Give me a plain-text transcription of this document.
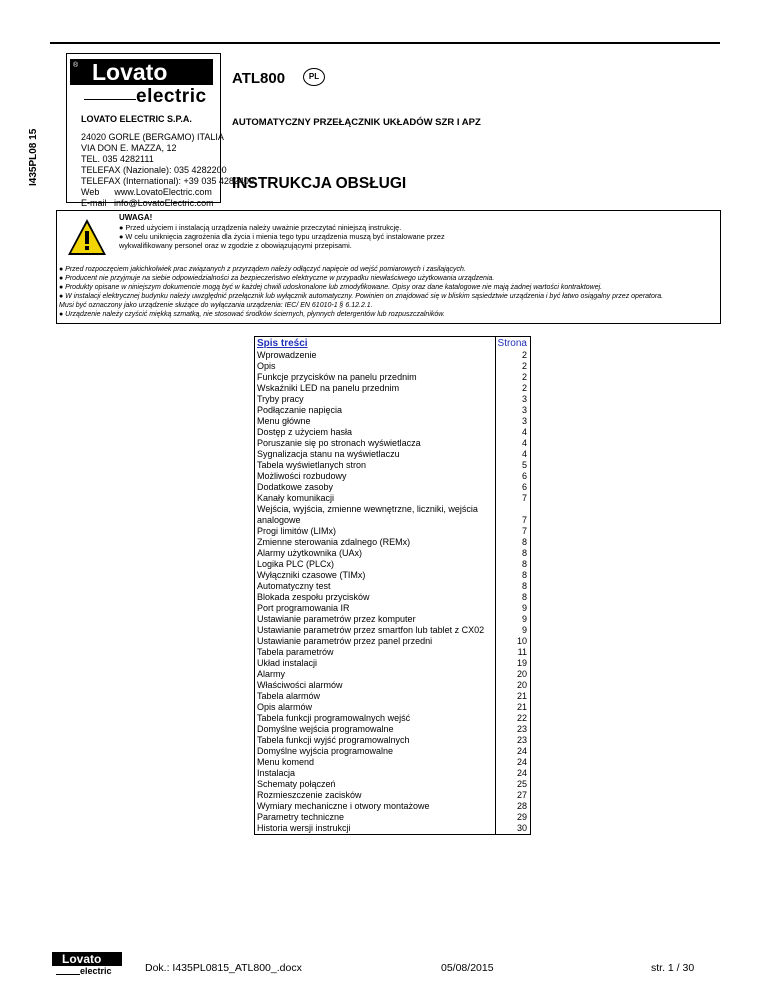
I435PL08 15
Lovato
®
electric
LOVATO ELECTRIC S.P.A.
24020 GORLE (BERGAMO) ITALIA
VIA DON E. MAZZA, 12
TEL. 035 4282111
TELEFAX (Nazionale): 035 4282200
TELEFAX (International): +39 035 4282400
Web      www.LovatoElectric.com
E-mail   info@LovatoElectric.com
ATL800	PL
AUTOMATYCZNY PRZEŁĄCZNIK UKŁADÓW SZR I APZ
INSTRUKCJA OBSŁUGI
UWAGA!
● Przed użyciem i instalacją urządzenia należy uważnie przeczytać niniejszą instrukcję.
● W celu uniknięcia zagrożenia dla życia i mienia tego typu urządzenia muszą być instalowane przez
wykwalifikowany personel oraz w zgodzie z obowiązującymi przepisami.
● Przed rozpoczęciem jakichkolwiek prac związanych z przyrządem należy odłączyć napięcie od wejść pomiarowych i zasilających.
● Producent nie przyjmuje na siebie odpowiedzialności za bezpieczeństwo elektryczne w przypadku niewłaściwego użytkowania urządzenia.
● Produkty opisane w niniejszym dokumencie mogą być w każdej chwili udoskonalone lub zmodyfikowane. Opisy oraz dane katalogowe nie mają żadnej wartości kontraktowej.
● W instalacji elektrycznej budynku należy uwzględnić przełącznik lub wyłącznik automatyczny. Powinien on znajdować się w bliskim sąsiedztwie urządzenia i być łatwo osiągalny przez operatora.
Musi być oznaczony jako urządzenie służące do wyłączania urządzenia: IEC/ EN 61010-1 § 6.12.2.1.
● Urządzenie należy czyścić miękką szmatką, nie stosować środków ściernych, płynnych detergentów lub rozpuszczalników.
Spis treści	Strona
Wprowadzenie	2
Opis	2
Funkcje przycisków na panelu przednim	2
Wskaźniki LED na panelu przednim	2
Tryby pracy	3
Podłączanie napięcia	3
Menu główne	3
Dostęp z użyciem hasła	4
Poruszanie się po stronach wyświetlacza	4
Sygnalizacja stanu na wyświetlaczu	4
Tabela wyświetlanych stron	5
Możliwości rozbudowy	6
Dodatkowe zasoby	6
Kanały komunikacji	7
Wejścia, wyjścia, zmienne wewnętrzne, liczniki, wejścia
analogowe	7
Progi limitów (LIMx)	7
Zmienne sterowania zdalnego (REMx)	8
Alarmy użytkownika (UAx)	8
Logika PLC (PLCx)	8
Wyłączniki czasowe (TIMx)	8
Automatyczny test	8
Blokada zespołu przycisków	8
Port programowania IR	9
Ustawianie parametrów przez komputer	9
Ustawianie parametrów przez smartfon lub tablet z CX02	9
Ustawianie parametrów przez panel przedni	10
Tabela parametrów	11
Układ instalacji	19
Alarmy	20
Właściwości alarmów	20
Tabela alarmów	21
Opis alarmów	21
Tabela funkcji programowalnych wejść	22
Domyślne wejścia programowalne	23
Tabela funkcji wyjść programowalnych	23
Domyślne wyjścia programowalne	24
Menu komend	24
Instalacja	24
Schematy połączeń	25
Rozmieszczenie zacisków	27
Wymiary mechaniczne i otwory montażowe	28
Parametry techniczne	29
Historia wersji instrukcji	30
Lovato
electric	Dok.: I435PL0815_ATL800_.docx	05/08/2015	str. 1 / 30
